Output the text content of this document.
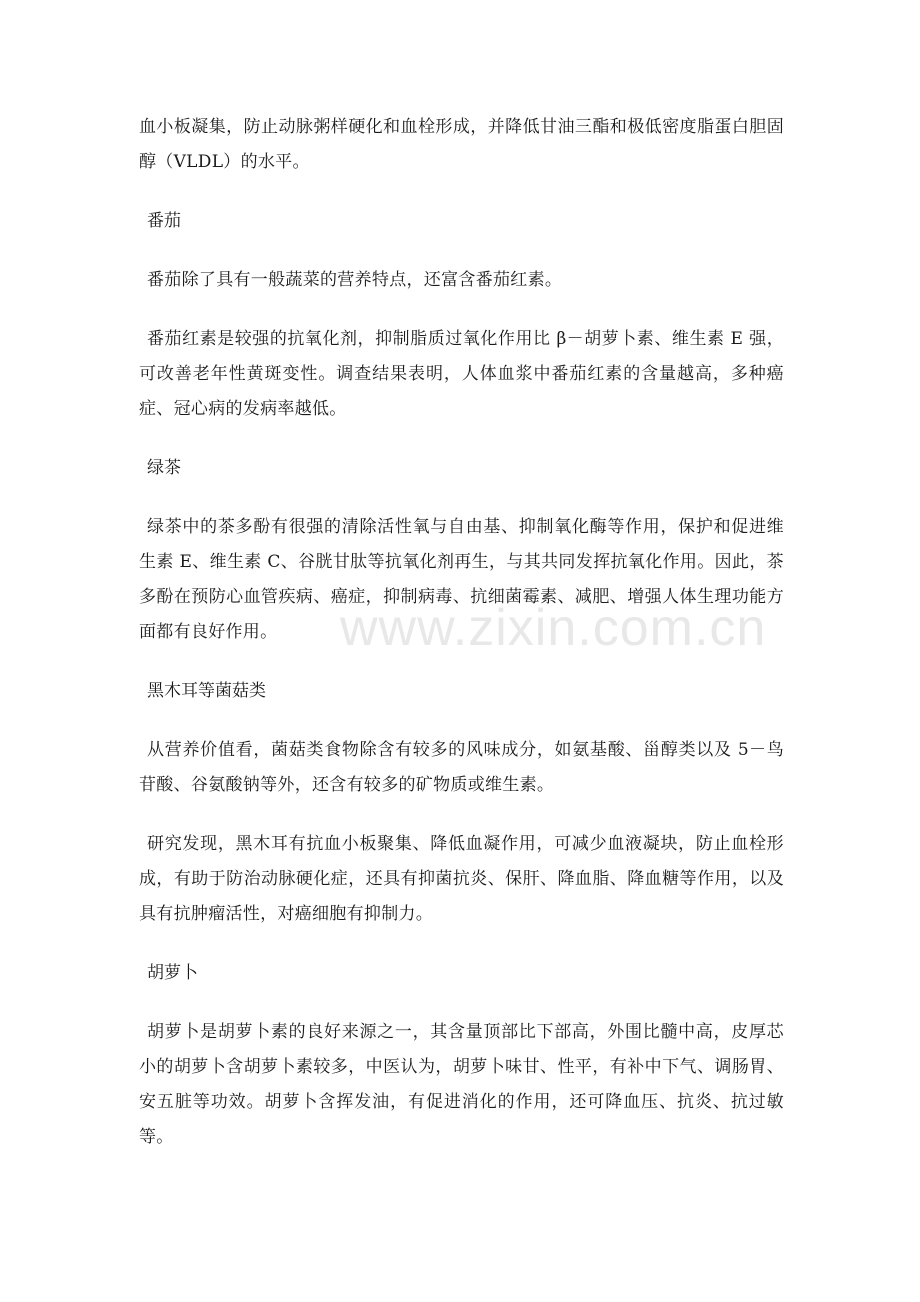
血小板凝集，防止动脉粥样硬化和血栓形成，并降低甘油三酯和极低密度脂蛋白胆固醇（VLDL）的水平。

番茄

番茄除了具有一般蔬菜的营养特点，还富含番茄红素。

番茄红素是较强的抗氧化剂，抑制脂质过氧化作用比 β－胡萝卜素、维生素 E 强，可改善老年性黄斑变性。调查结果表明，人体血浆中番茄红素的含量越高，多种癌症、冠心病的发病率越低。

绿茶

绿茶中的茶多酚有很强的清除活性氧与自由基、抑制氧化酶等作用，保护和促进维生素 E、维生素 C、谷胱甘肽等抗氧化剂再生，与其共同发挥抗氧化作用。因此，茶多酚在预防心血管疾病、癌症，抑制病毒、抗细菌霉素、减肥、增强人体生理功能方面都有良好作用。

黑木耳等菌菇类

从营养价值看，菌菇类食物除含有较多的风味成分，如氨基酸、甾醇类以及 5－鸟苷酸、谷氨酸钠等外，还含有较多的矿物质或维生素。

研究发现，黑木耳有抗血小板聚集、降低血凝作用，可减少血液凝块，防止血栓形成，有助于防治动脉硬化症，还具有抑菌抗炎、保肝、降血脂、降血糖等作用，以及具有抗肿瘤活性，对癌细胞有抑制力。

胡萝卜

胡萝卜是胡萝卜素的良好来源之一，其含量顶部比下部高，外围比髓中高，皮厚芯小的胡萝卜含胡萝卜素较多，中医认为，胡萝卜味甘、性平，有补中下气、调肠胃、安五脏等功效。胡萝卜含挥发油，有促进消化的作用，还可降血压、抗炎、抗过敏等。

www.zixin.com.cn
